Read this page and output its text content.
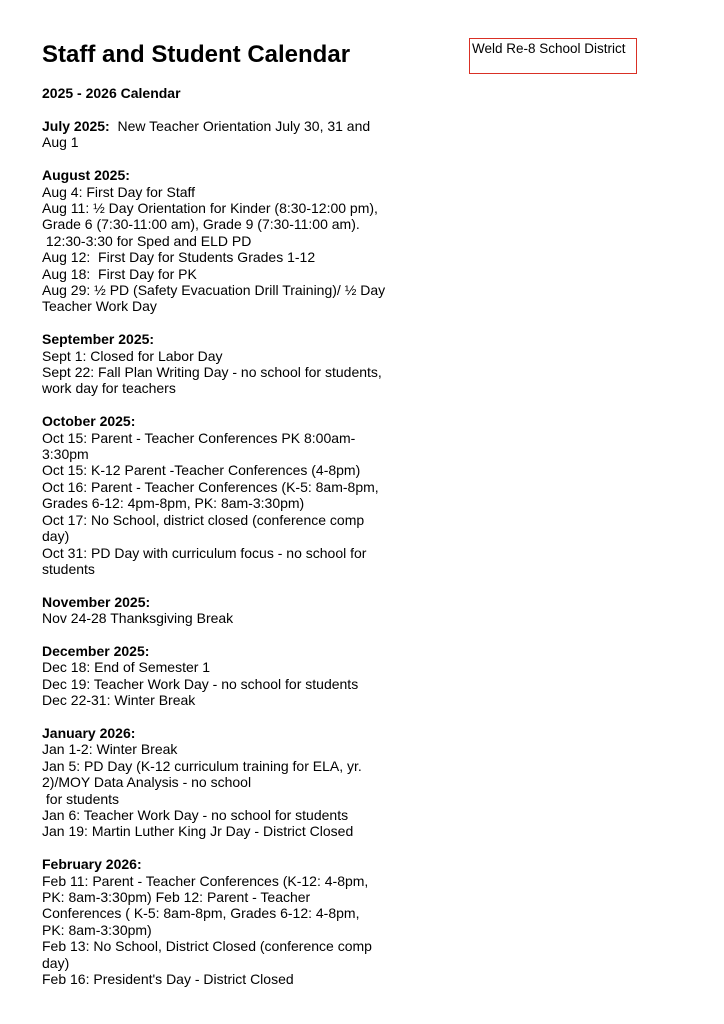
Weld Re-8 School District
Staff and Student Calendar
2025 - 2026 Calendar
July 2025:  New Teacher Orientation July 30, 31 and
Aug 1
August 2025:
Aug 4: First Day for Staff
Aug 11: ½ Day Orientation for Kinder (8:30-12:00 pm),
Grade 6 (7:30-11:00 am), Grade 9 (7:30-11:00 am).
12:30-3:30 for Sped and ELD PD
Aug 12:  First Day for Students Grades 1-12
Aug 18:  First Day for PK
Aug 29: ½ PD (Safety Evacuation Drill Training)/ ½ Day
Teacher Work Day
September 2025:
Sept 1: Closed for Labor Day
Sept 22: Fall Plan Writing Day - no school for students,
work day for teachers
October 2025:
Oct 15: Parent - Teacher Conferences PK 8:00am-
3:30pm
Oct 15: K-12 Parent -Teacher Conferences (4-8pm)
Oct 16: Parent - Teacher Conferences (K-5: 8am-8pm,
Grades 6-12: 4pm-8pm, PK: 8am-3:30pm)
Oct 17: No School, district closed (conference comp
day)
Oct 31: PD Day with curriculum focus - no school for
students
November 2025:
Nov 24-28 Thanksgiving Break
December 2025:
Dec 18: End of Semester 1
Dec 19: Teacher Work Day - no school for students
Dec 22-31: Winter Break
January 2026:
Jan 1-2: Winter Break
Jan 5: PD Day (K-12 curriculum training for ELA, yr.
2)/MOY Data Analysis - no school
for students
Jan 6: Teacher Work Day - no school for students
Jan 19: Martin Luther King Jr Day - District Closed
February 2026:
Feb 11: Parent - Teacher Conferences (K-12: 4-8pm,
PK: 8am-3:30pm) Feb 12: Parent - Teacher
Conferences ( K-5: 8am-8pm, Grades 6-12: 4-8pm,
PK: 8am-3:30pm)
Feb 13: No School, District Closed (conference comp
day)
Feb 16: President's Day - District Closed
